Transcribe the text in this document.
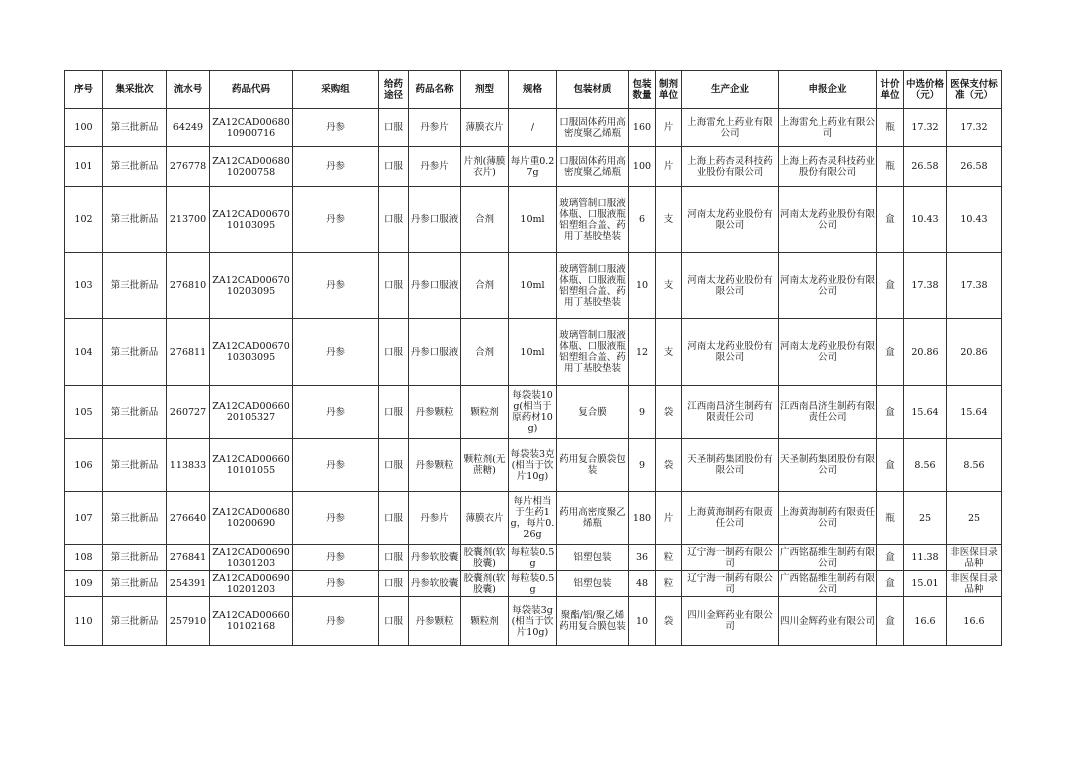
序号	集采批次	流水号	药品代码	采购组	给药途径	药品名称	剂型	规格	包装材质	包装数量	制剂单位	生产企业	申报企业	计价单位	中选价格（元）	医保支付标准（元）
100	第三批新品	64249	ZA12CAD00680 10900716	丹参	口服	丹参片	薄膜衣片	/	口服固体药用高密度聚乙烯瓶	160	片	上海雷允上药业有限公司	上海雷允上药业有限公司	瓶	17.32	17.32
101	第三批新品	276778	ZA12CAD00680 10200758	丹参	口服	丹参片	片剂(薄膜衣片)	每片重0.27g	口服固体药用高密度聚乙烯瓶	100	片	上海上药杏灵科技药业股份有限公司	上海上药杏灵科技药业股份有限公司	瓶	26.58	26.58
102	第三批新品	213700	ZA12CAD00670 10103095	丹参	口服	丹参口服液	合剂	10ml	玻璃管制口服液体瓶、口服液瓶铝塑组合盖、药用丁基胶垫装	6	支	河南太龙药业股份有限公司	河南太龙药业股份有限公司	盒	10.43	10.43
103	第三批新品	276810	ZA12CAD00670 10203095	丹参	口服	丹参口服液	合剂	10ml	玻璃管制口服液体瓶、口服液瓶铝塑组合盖、药用丁基胶垫装	10	支	河南太龙药业股份有限公司	河南太龙药业股份有限公司	盒	17.38	17.38
104	第三批新品	276811	ZA12CAD00670 10303095	丹参	口服	丹参口服液	合剂	10ml	玻璃管制口服液体瓶、口服液瓶铝塑组合盖、药用丁基胶垫装	12	支	河南太龙药业股份有限公司	河南太龙药业股份有限公司	盒	20.86	20.86
105	第三批新品	260727	ZA12CAD00660 20105327	丹参	口服	丹参颗粒	颗粒剂	每袋装10g(相当于原药材10g)	复合膜	9	袋	江西南昌济生制药有限责任公司	江西南昌济生制药有限责任公司	盒	15.64	15.64
106	第三批新品	113833	ZA12CAD00660 10101055	丹参	口服	丹参颗粒	颗粒剂(无蔗糖)	每袋装3克(相当于饮片10g)	药用复合膜袋包装	9	袋	天圣制药集团股份有限公司	天圣制药集团股份有限公司	盒	8.56	8.56
107	第三批新品	276640	ZA12CAD00680 10200690	丹参	口服	丹参片	薄膜衣片	每片相当于生药1g，每片0.26g	药用高密度聚乙烯瓶	180	片	上海黄海制药有限责任公司	上海黄海制药有限责任公司	瓶	25	25
108	第三批新品	276841	ZA12CAD00690 10301203	丹参	口服	丹参软胶囊	胶囊剂(软胶囊)	每粒装0.5g	铝塑包装	36	粒	辽宁海一制药有限公司	广西铭磊维生制药有限公司	盒	11.38	非医保目录品种
109	第三批新品	254391	ZA12CAD00690 10201203	丹参	口服	丹参软胶囊	胶囊剂(软胶囊)	每粒装0.5g	铝塑包装	48	粒	辽宁海一制药有限公司	广西铭磊维生制药有限公司	盒	15.01	非医保目录品种
110	第三批新品	257910	ZA12CAD00660 10102168	丹参	口服	丹参颗粒	颗粒剂	每袋装3g(相当于饮片10g)	聚酯/铝/聚乙烯药用复合膜包装	10	袋	四川金辉药业有限公司	四川金辉药业有限公司	盒	16.6	16.6
